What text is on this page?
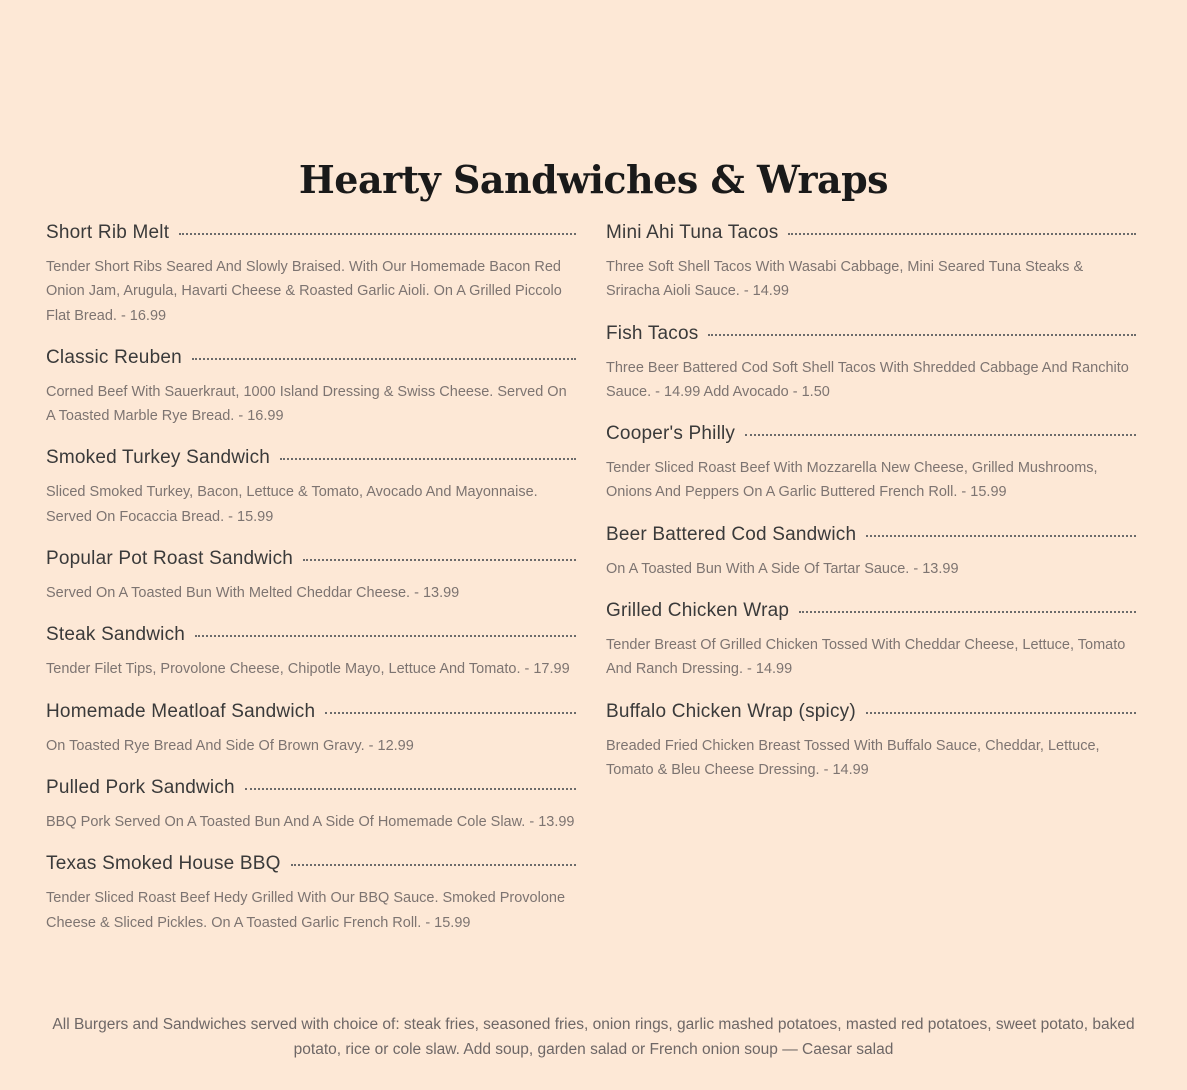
Hearty Sandwiches & Wraps
Short Rib Melt
Tender Short Ribs Seared And Slowly Braised. With Our Homemade Bacon Red Onion Jam, Arugula, Havarti Cheese & Roasted Garlic Aioli. On A Grilled Piccolo Flat Bread. - 16.99
Classic Reuben
Corned Beef With Sauerkraut, 1000 Island Dressing & Swiss Cheese. Served On A Toasted Marble Rye Bread. - 16.99
Smoked Turkey Sandwich
Sliced Smoked Turkey, Bacon, Lettuce & Tomato, Avocado And Mayonnaise. Served On Focaccia Bread. - 15.99
Popular Pot Roast Sandwich
Served On A Toasted Bun With Melted Cheddar Cheese. - 13.99
Steak Sandwich
Tender Filet Tips, Provolone Cheese, Chipotle Mayo, Lettuce And Tomato. - 17.99
Homemade Meatloaf Sandwich
On Toasted Rye Bread And Side Of Brown Gravy. - 12.99
Pulled Pork Sandwich
BBQ Pork Served On A Toasted Bun And A Side Of Homemade Cole Slaw. - 13.99
Texas Smoked House BBQ
Tender Sliced Roast Beef Hedy Grilled With Our BBQ Sauce. Smoked Provolone Cheese & Sliced Pickles. On A Toasted Garlic French Roll. - 15.99
Mini Ahi Tuna Tacos
Three Soft Shell Tacos With Wasabi Cabbage, Mini Seared Tuna Steaks & Sriracha Aioli Sauce. - 14.99
Fish Tacos
Three Beer Battered Cod Soft Shell Tacos With Shredded Cabbage And Ranchito Sauce. - 14.99 Add Avocado - 1.50
Cooper's Philly
Tender Sliced Roast Beef With Mozzarella New Cheese, Grilled Mushrooms, Onions And Peppers On A Garlic Buttered French Roll. - 15.99
Beer Battered Cod Sandwich
On A Toasted Bun With A Side Of Tartar Sauce. - 13.99
Grilled Chicken Wrap
Tender Breast Of Grilled Chicken Tossed With Cheddar Cheese, Lettuce, Tomato And Ranch Dressing. - 14.99
Buffalo Chicken Wrap (spicy)
Breaded Fried Chicken Breast Tossed With Buffalo Sauce, Cheddar, Lettuce, Tomato & Bleu Cheese Dressing. - 14.99
All Burgers and Sandwiches served with choice of: steak fries, seasoned fries, onion rings, garlic mashed potatoes, masted red potatoes, sweet potato, baked potato, rice or cole slaw. Add soup, garden salad or French onion soup — Caesar salad
